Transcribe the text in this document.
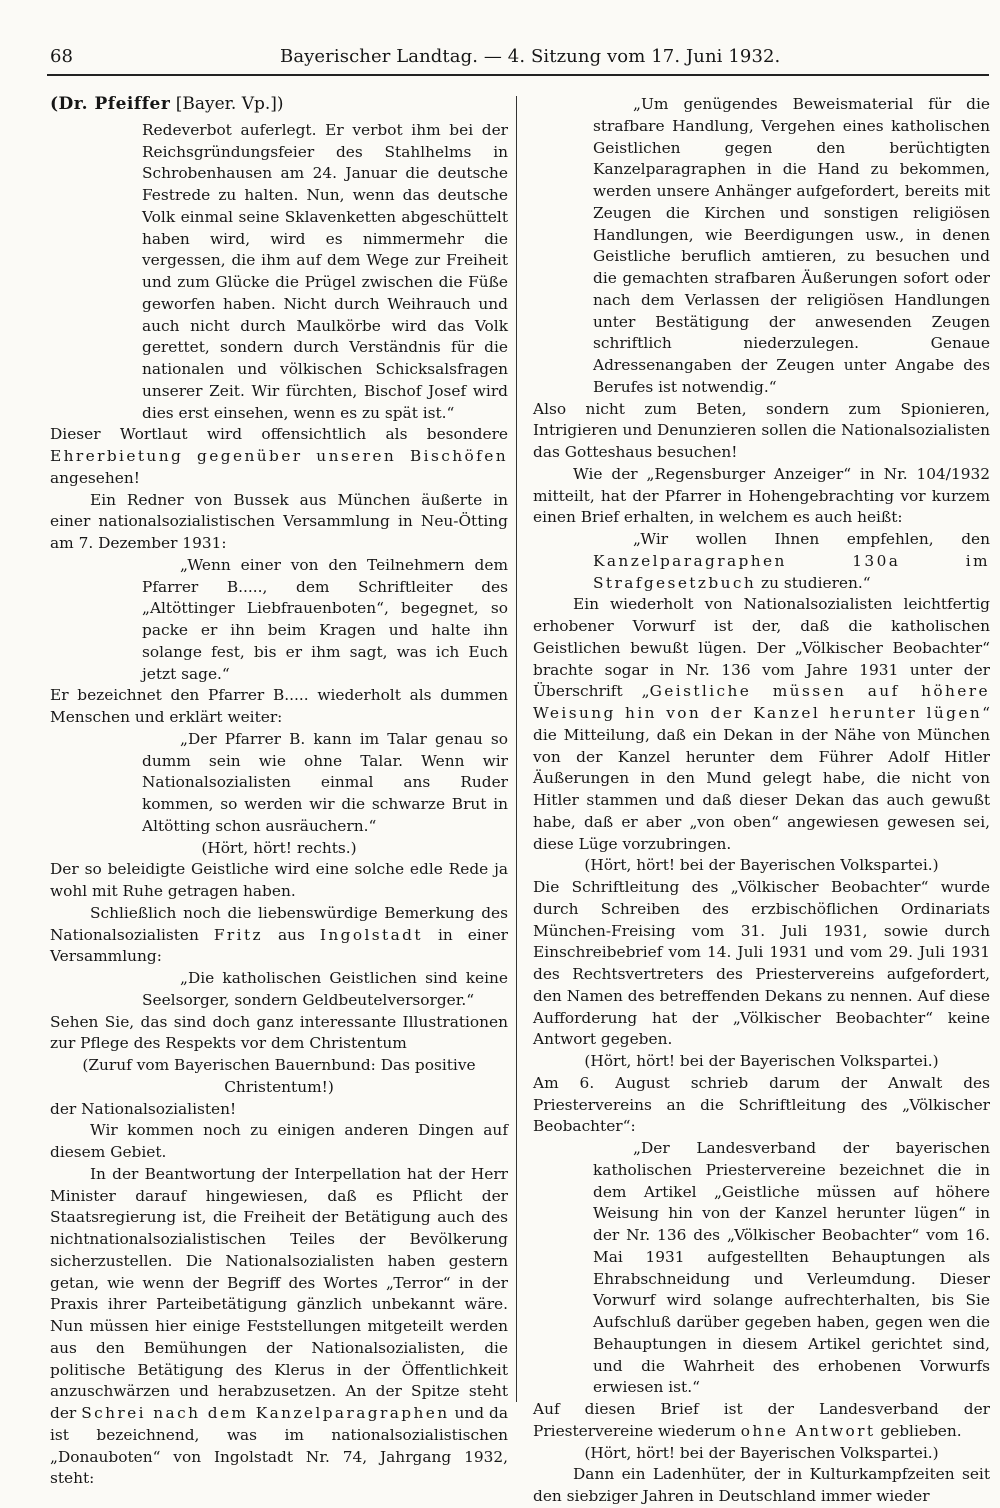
68	Bayerischer Landtag. — 4. Sitzung vom 17. Juni 1932.

(Dr. Pfeiffer [Bayer. Vp.])

Redeverbot auferlegt. Er verbot ihm bei der Reichsgründungsfeier des Stahlhelms in Schrobenhausen am 24. Januar die deutsche Festrede zu halten. Nun, wenn das deutsche Volk einmal seine Sklavenketten abgeschüttelt haben wird, wird es nimmermehr die vergessen, die ihm auf dem Wege zur Freiheit und zum Glücke die Prügel zwischen die Füße geworfen haben. Nicht durch Weihrauch und auch nicht durch Maulkörbe wird das Volk gerettet, sondern durch Verständnis für die nationalen und völkischen Schicksalsfragen unserer Zeit. Wir fürchten, Bischof Josef wird dies erst einsehen, wenn es zu spät ist.“

Dieser Wortlaut wird offensichtlich als besondere Ehrerbietung gegenüber unseren Bischöfen angesehen!

Ein Redner von Bussek aus München äußerte in einer nationalsozialistischen Versammlung in Neu-Ötting am 7. Dezember 1931:

„Wenn einer von den Teilnehmern dem Pfarrer B....., dem Schriftleiter des „Altöttinger Liebfrauenboten“, begegnet, so packe er ihn beim Kragen und halte ihn solange fest, bis er ihm sagt, was ich Euch jetzt sage.“

Er bezeichnet den Pfarrer B..... wiederholt als dummen Menschen und erklärt weiter:

„Der Pfarrer B. kann im Talar genau so dumm sein wie ohne Talar. Wenn wir Nationalsozialisten einmal ans Ruder kommen, so werden wir die schwarze Brut in Altötting schon ausräuchern.“

(Hört, hört! rechts.)

Der so beleidigte Geistliche wird eine solche edle Rede ja wohl mit Ruhe getragen haben.

Schließlich noch die liebenswürdige Bemerkung des Nationalsozialisten Fritz aus Ingolstadt in einer Versammlung:

„Die katholischen Geistlichen sind keine Seelsorger, sondern Geldbeutelversorger.“

Sehen Sie, das sind doch ganz interessante Illustrationen zur Pflege des Respekts vor dem Christentum

(Zuruf vom Bayerischen Bauernbund: Das positive Christentum!)

der Nationalsozialisten!

Wir kommen noch zu einigen anderen Dingen auf diesem Gebiet.

In der Beantwortung der Interpellation hat der Herr Minister darauf hingewiesen, daß es Pflicht der Staatsregierung ist, die Freiheit der Betätigung auch des nichtnationalsozialistischen Teiles der Bevölkerung sicherzustellen. Die Nationalsozialisten haben gestern getan, wie wenn der Begriff des Wortes „Terror“ in der Praxis ihrer Parteibetätigung gänzlich unbekannt wäre. Nun müssen hier einige Feststellungen mitgeteilt werden aus den Bemühungen der Nationalsozialisten, die politische Betätigung des Klerus in der Öffentlichkeit anzuschwärzen und herabzusetzen. An der Spitze steht der Schrei nach dem Kanzelparagraphen und da ist bezeichnend, was im nationalsozialistischen „Donauboten“ von Ingolstadt Nr. 74, Jahrgang 1932, steht:

„Um genügendes Beweismaterial für die strafbare Handlung, Vergehen eines katholischen Geistlichen gegen den berüchtigten Kanzelparagraphen in die Hand zu bekommen, werden unsere Anhänger aufgefordert, bereits mit Zeugen die Kirchen und sonstigen religiösen Handlungen, wie Beerdigungen usw., in denen Geistliche beruflich amtieren, zu besuchen und die gemachten strafbaren Äußerungen sofort oder nach dem Verlassen der religiösen Handlungen unter Bestätigung der anwesenden Zeugen schriftlich niederzulegen. Genaue Adressenangaben der Zeugen unter Angabe des Berufes ist notwendig.“

Also nicht zum Beten, sondern zum Spionieren, Intrigieren und Denunzieren sollen die Nationalsozialisten das Gotteshaus besuchen!

Wie der „Regensburger Anzeiger“ in Nr. 104/1932 mitteilt, hat der Pfarrer in Hohengebrachting vor kurzem einen Brief erhalten, in welchem es auch heißt:

„Wir wollen Ihnen empfehlen, den Kanzelparagraphen 130a im Strafgesetzbuch zu studieren.“

Ein wiederholt von Nationalsozialisten leichtfertig erhobener Vorwurf ist der, daß die katholischen Geistlichen bewußt lügen. Der „Völkischer Beobachter“ brachte sogar in Nr. 136 vom Jahre 1931 unter der Überschrift „Geistliche müssen auf höhere Weisung hin von der Kanzel herunter lügen“ die Mitteilung, daß ein Dekan in der Nähe von München von der Kanzel herunter dem Führer Adolf Hitler Äußerungen in den Mund gelegt habe, die nicht von Hitler stammen und daß dieser Dekan das auch gewußt habe, daß er aber „von oben“ angewiesen gewesen sei, diese Lüge vorzubringen.

(Hört, hört! bei der Bayerischen Volkspartei.)

Die Schriftleitung des „Völkischer Beobachter“ wurde durch Schreiben des erzbischöflichen Ordinariats München-Freising vom 31. Juli 1931, sowie durch Einschreibebrief vom 14. Juli 1931 und vom 29. Juli 1931 des Rechtsvertreters des Priestervereins aufgefordert, den Namen des betreffenden Dekans zu nennen. Auf diese Aufforderung hat der „Völkischer Beobachter“ keine Antwort gegeben.

(Hört, hört! bei der Bayerischen Volkspartei.)

Am 6. August schrieb darum der Anwalt des Priestervereins an die Schriftleitung des „Völkischer Beobachter“:

„Der Landesverband der bayerischen katholischen Priestervereine bezeichnet die in dem Artikel „Geistliche müssen auf höhere Weisung hin von der Kanzel herunter lügen“ in der Nr. 136 des „Völkischer Beobachter“ vom 16. Mai 1931 aufgestellten Behauptungen als Ehrabschneidung und Verleumdung. Dieser Vorwurf wird solange aufrechterhalten, bis Sie Aufschluß darüber gegeben haben, gegen wen die Behauptungen in diesem Artikel gerichtet sind, und die Wahrheit des erhobenen Vorwurfs erwiesen ist.“

Auf diesen Brief ist der Landesverband der Priestervereine wiederum ohne Antwort geblieben.

(Hört, hört! bei der Bayerischen Volkspartei.)

Dann ein Ladenhüter, der in Kulturkampfzeiten seit den siebziger Jahren in Deutschland immer wieder
